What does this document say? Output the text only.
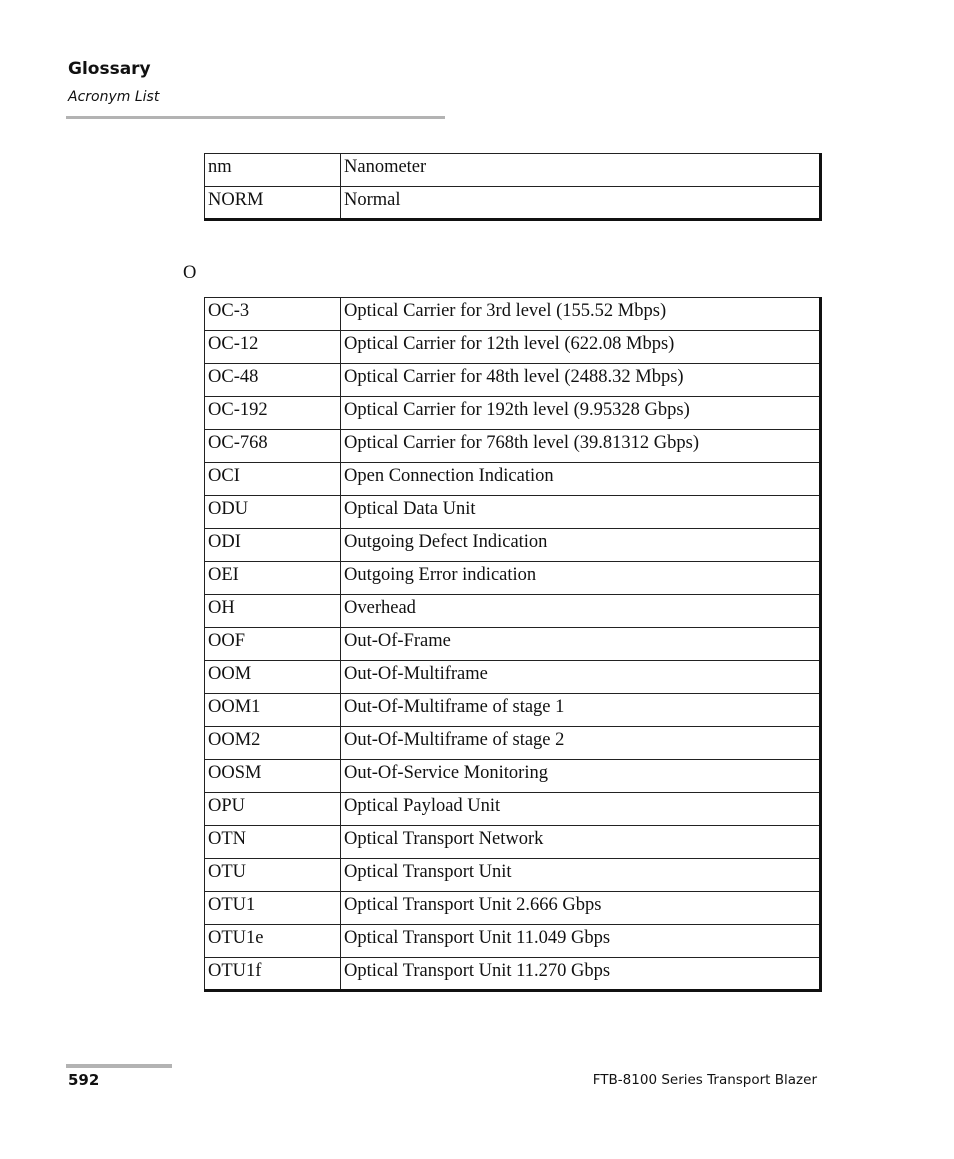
Glossary
Acronym List
nm	Nanometer
NORM	Normal
O
OC-3	Optical Carrier for 3rd level (155.52 Mbps)
OC-12	Optical Carrier for 12th level (622.08 Mbps)
OC-48	Optical Carrier for 48th level (2488.32 Mbps)
OC-192	Optical Carrier for 192th level (9.95328 Gbps)
OC-768	Optical Carrier for 768th level (39.81312 Gbps)
OCI	Open Connection Indication
ODU	Optical Data Unit
ODI	Outgoing Defect Indication
OEI	Outgoing Error indication
OH	Overhead
OOF	Out-Of-Frame
OOM	Out-Of-Multiframe
OOM1	Out-Of-Multiframe of stage 1
OOM2	Out-Of-Multiframe of stage 2
OOSM	Out-Of-Service Monitoring
OPU	Optical Payload Unit
OTN	Optical Transport Network
OTU	Optical Transport Unit
OTU1	Optical Transport Unit 2.666 Gbps
OTU1e	Optical Transport Unit 11.049 Gbps
OTU1f	Optical Transport Unit 11.270 Gbps
592	FTB-8100 Series Transport Blazer
